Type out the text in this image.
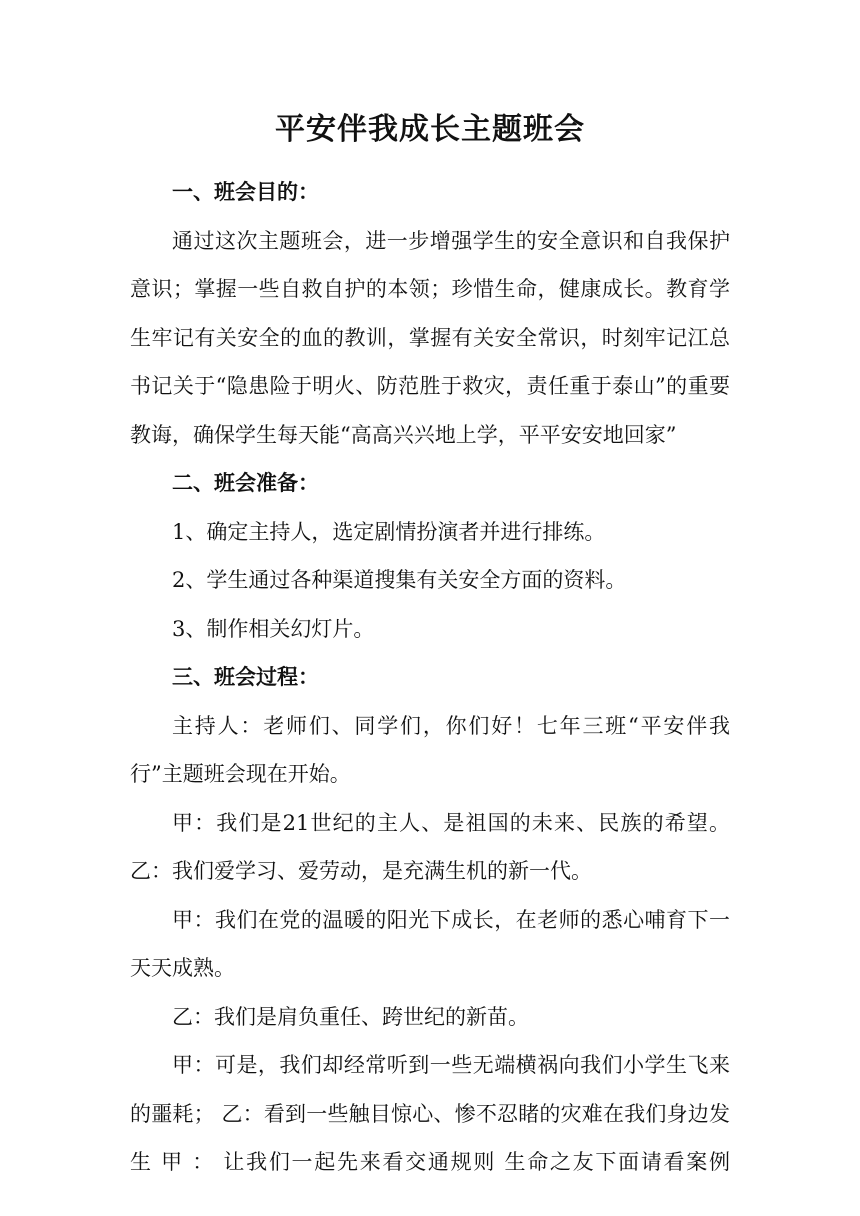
平安伴我成长主题班会

一、班会目的：

通过这次主题班会，进一步增强学生的安全意识和自我保护意识；掌握一些自救自护的本领；珍惜生命，健康成长。教育学生牢记有关安全的血的教训，掌握有关安全常识，时刻牢记江总书记关于“隐患险于明火、防范胜于救灾，责任重于泰山”的重要教诲，确保学生每天能“高高兴兴地上学，平平安安地回家”

二、班会准备：

1、确定主持人，选定剧情扮演者并进行排练。

2、学生通过各种渠道搜集有关安全方面的资料。

3、制作相关幻灯片。

三、班会过程：

主持人：老师们、同学们，你们好！七年三班“平安伴我行”主题班会现在开始。

甲：我们是21世纪的主人、是祖国的未来、民族的希望。乙：我们爱学习、爱劳动，是充满生机的新一代。

甲：我们在党的温暖的阳光下成长，在老师的悉心哺育下一天天成熟。

乙：我们是肩负重任、跨世纪的新苗。

甲：可是，我们却经常听到一些无端横祸向我们小学生飞来的噩耗； 乙：看到一些触目惊心、惨不忍睹的灾难在我们身边发生 甲 ： 让我们一起先来看交通规则 生命之友下面请看案例
